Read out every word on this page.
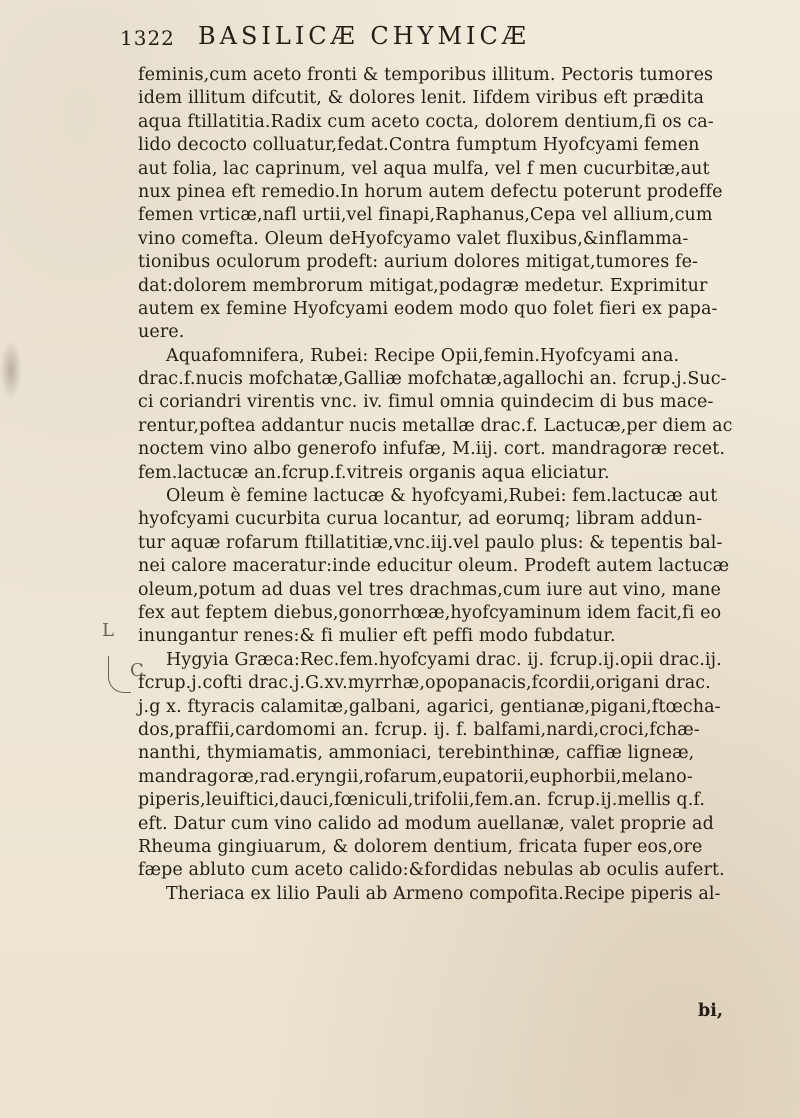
1322 BASILICÆ CHYMICÆ
L
C
feminis,cum aceto fronti & temporibus illitum. Pectoris tumores
idem illitum difcutit, & dolores lenit. Iifdem viribus eft prædita
aqua ftillatitia.Radix cum aceto cocta, dolorem dentium,fi os ca-
lido decocto colluatur,fedat.Contra fumptum Hyofcyami femen
aut folia, lac caprinum, vel aqua mulfa, vel f men cucurbitæ,aut
nux pinea eft remedio.In horum autem defectu poterunt prodeffe
femen vrticæ,nafl urtii,vel finapi,Raphanus,Cepa vel allium,cum
vino comefta. Oleum deHyofcyamo valet fluxibus,&inflamma-
tionibus oculorum prodeft: aurium dolores mitigat,tumores fe-
dat:dolorem membrorum mitigat,podagræ medetur. Exprimitur
autem ex femine Hyofcyami eodem modo quo folet fieri ex papa-
uere.
Aquafomnifera, Rubei: Recipe Opii,femin.Hyofcyami ana.
drac.f.nucis mofchatæ,Galliæ mofchatæ,agallochi an. fcrup.j.Suc-
ci coriandri virentis vnc. iv. fimul omnia quindecim di bus mace-
rentur,poftea addantur nucis metallæ drac.f. Lactucæ,per diem ac
noctem vino albo generofo infufæ, M.iij. cort. mandragoræ recet.
fem.lactucæ an.fcrup.f.vitreis organis aqua eliciatur.
Oleum è femine lactucæ & hyofcyami,Rubei: fem.lactucæ aut
hyofcyami cucurbita curua locantur, ad eorumq; libram addun-
tur aquæ rofarum ftillatitiæ,vnc.iij.vel paulo plus: & tepentis bal-
nei calore maceratur:inde educitur oleum. Prodeft autem lactucæ
oleum,potum ad duas vel tres drachmas,cum iure aut vino, mane
fex aut feptem diebus,gonorrhœæ,hyofcyaminum idem facit,fi eo
inungantur renes:& fi mulier eft peffi modo fubdatur.
Hygyia Græca:Rec.fem.hyofcyami drac. ij. fcrup.ij.opii drac.ij.
fcrup.j.cofti drac.j.G.xv.myrrhæ,opopanacis,fcordii,origani drac.
j.g x. ftyracis calamitæ,galbani, agarici, gentianæ,pigani,ftœcha-
dos,praffii,cardomomi an. fcrup. ij. f. balfami,nardi,croci,fchæ-
nanthi, thymiamatis, ammoniaci, terebinthinæ, caffiæ ligneæ,
mandragoræ,rad.eryngii,rofarum,eupatorii,euphorbii,melano-
piperis,leuiftici,dauci,fœniculi,trifolii,fem.an. fcrup.ij.mellis q.f.
eft. Datur cum vino calido ad modum auellanæ, valet proprie ad
Rheuma gingiuarum, & dolorem dentium, fricata fuper eos,ore
fæpe abluto cum aceto calido:&fordidas nebulas ab oculis aufert.
Theriaca ex lilio Pauli ab Armeno compofita.Recipe piperis al-
bi,
